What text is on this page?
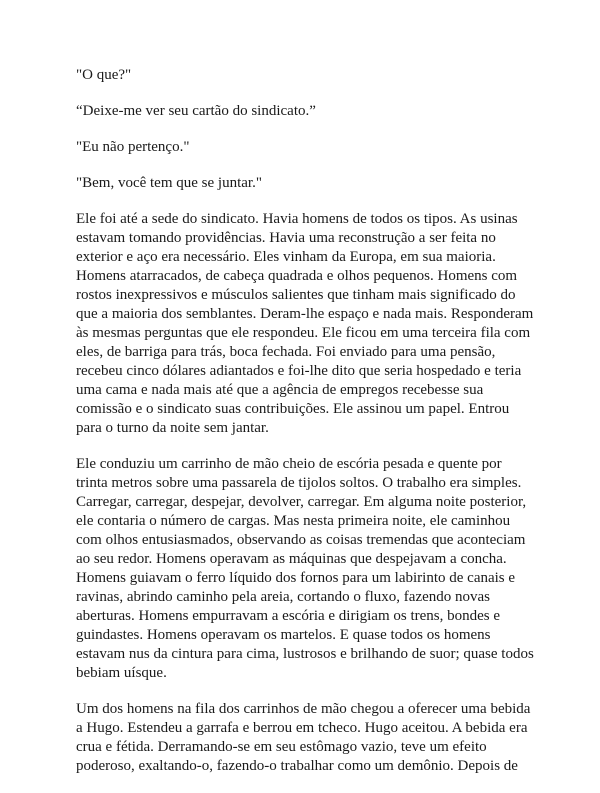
"O que?"

“Deixe-me ver seu cartão do sindicato.”

"Eu não pertenço."

"Bem, você tem que se juntar."

Ele foi até a sede do sindicato. Havia homens de todos os tipos. As usinas
estavam tomando providências. Havia uma reconstrução a ser feita no
exterior e aço era necessário. Eles vinham da Europa, em sua maioria.
Homens atarracados, de cabeça quadrada e olhos pequenos. Homens com
rostos inexpressivos e músculos salientes que tinham mais significado do
que a maioria dos semblantes. Deram-lhe espaço e nada mais. Responderam
às mesmas perguntas que ele respondeu. Ele ficou em uma terceira fila com
eles, de barriga para trás, boca fechada. Foi enviado para uma pensão,
recebeu cinco dólares adiantados e foi-lhe dito que seria hospedado e teria
uma cama e nada mais até que a agência de empregos recebesse sua
comissão e o sindicato suas contribuições. Ele assinou um papel. Entrou
para o turno da noite sem jantar.

Ele conduziu um carrinho de mão cheio de escória pesada e quente por
trinta metros sobre uma passarela de tijolos soltos. O trabalho era simples.
Carregar, carregar, despejar, devolver, carregar. Em alguma noite posterior,
ele contaria o número de cargas. Mas nesta primeira noite, ele caminhou
com olhos entusiasmados, observando as coisas tremendas que aconteciam
ao seu redor. Homens operavam as máquinas que despejavam a concha.
Homens guiavam o ferro líquido dos fornos para um labirinto de canais e
ravinas, abrindo caminho pela areia, cortando o fluxo, fazendo novas
aberturas. Homens empurravam a escória e dirigiam os trens, bondes e
guindastes. Homens operavam os martelos. E quase todos os homens
estavam nus da cintura para cima, lustrosos e brilhando de suor; quase todos
bebiam uísque.

Um dos homens na fila dos carrinhos de mão chegou a oferecer uma bebida
a Hugo. Estendeu a garrafa e berrou em tcheco. Hugo aceitou. A bebida era
crua e fétida. Derramando-se em seu estômago vazio, teve um efeito
poderoso, exaltando-o, fazendo-o trabalhar como um demônio. Depois de
